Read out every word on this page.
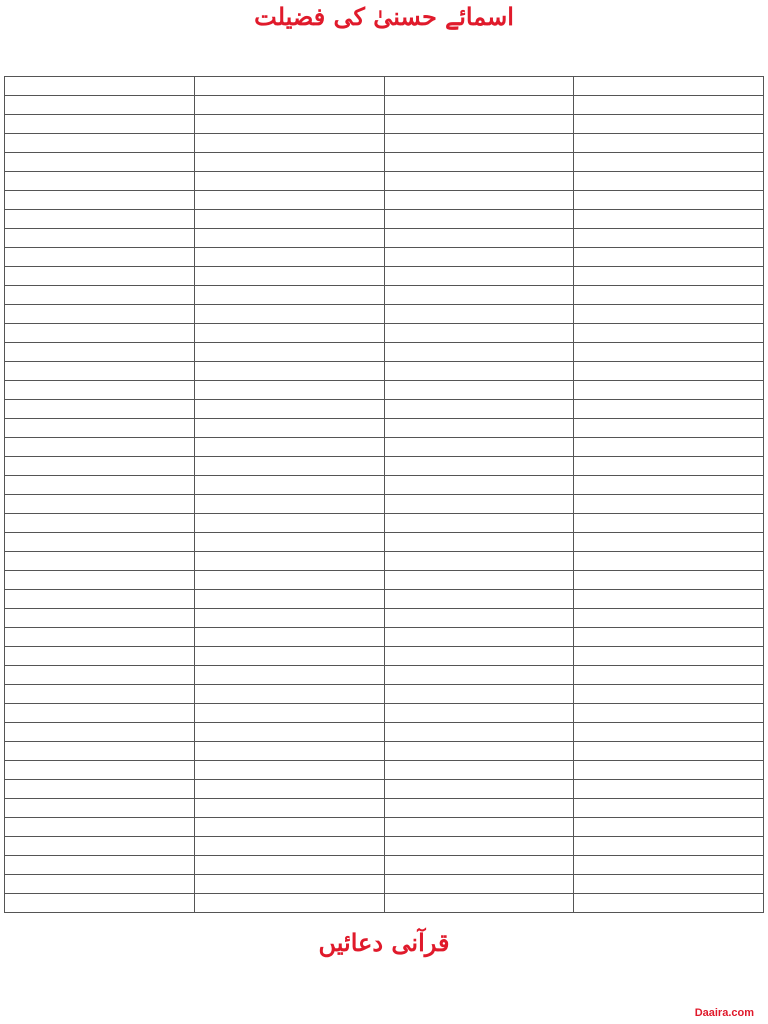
اسمائے حسنیٰ کی فضیلت

قرآنی دعائیں
Daaira.com
